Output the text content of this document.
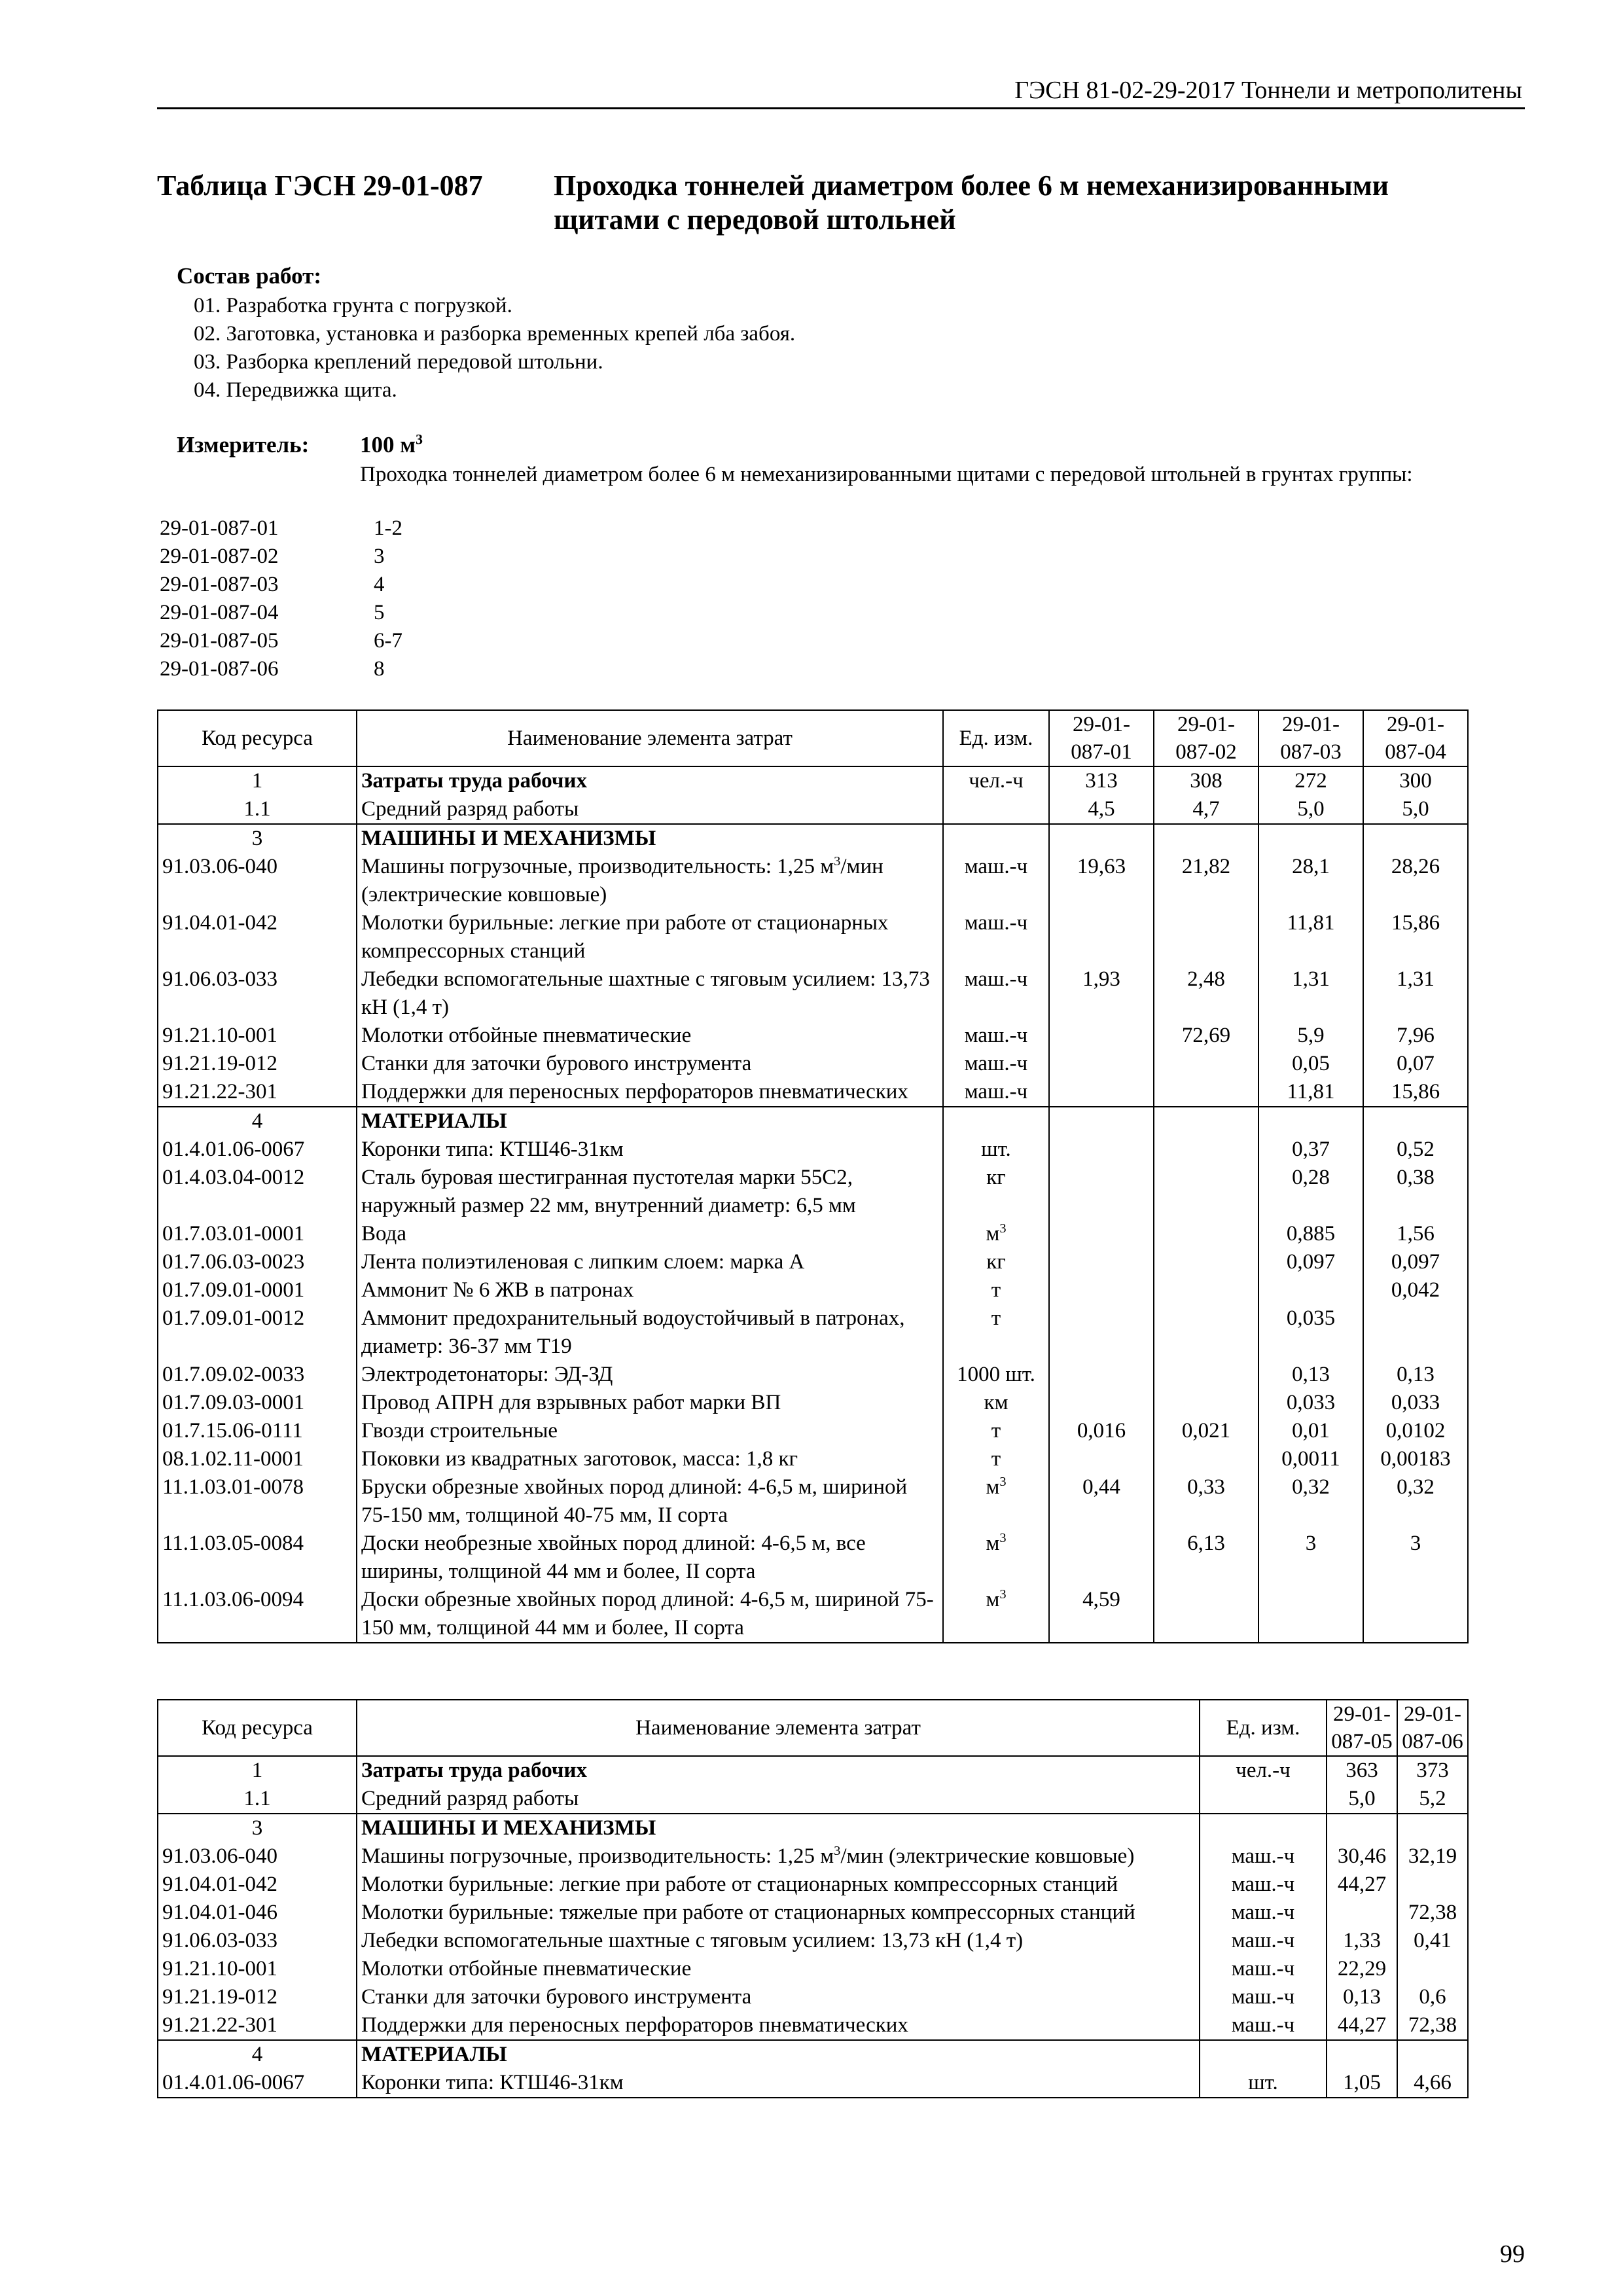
ГЭСН 81-02-29-2017 Тоннели и метрополитены
Таблица ГЭСН 29-01-087 Проходка тоннелей диаметром более 6 м немеханизированными щитами с передовой штольней
Состав работ:
01. Разработка грунта с погрузкой.
02. Заготовка, установка и разборка временных крепей лба забоя.
03. Разборка креплений передовой штольни.
04. Передвижка щита.
Измеритель: 100 $м^3$
Проходка тоннелей диаметром более 6 м немеханизированными щитами с передовой штольней в грунтах группы:
29-01-087-01	1-2
29-01-087-02	3
29-01-087-03	4
29-01-087-04	5
29-01-087-05	6-7
29-01-087-06	8
Код ресурса	Наименование элемента затрат	Ед. изм.	29-01-087-01	29-01-087-02	29-01-087-03	29-01-087-04
1	Затраты труда рабочих	чел.-ч	313	308	272	300
1.1	Средний разряд работы		4,5	4,7	5,0	5,0
3	МАШИНЫ И МЕХАНИЗМЫ					
91.03.06-040	Машины погрузочные, производительность: 1,25 $м^3$/мин (электрические ковшовые)	маш.-ч	19,63	21,82	28,1	28,26
91.04.01-042	Молотки бурильные: легкие при работе от стационарных компрессорных станций	маш.-ч			11,81	15,86
91.06.03-033	Лебедки вспомогательные шахтные с тяговым усилием: 13,73 кН (1,4 т)	маш.-ч	1,93	2,48	1,31	1,31
91.21.10-001	Молотки отбойные пневматические	маш.-ч		72,69	5,9	7,96
91.21.19-012	Станки для заточки бурового инструмента	маш.-ч			0,05	0,07
91.21.22-301	Поддержки для переносных перфораторов пневматических	маш.-ч			11,81	15,86
4	МАТЕРИАЛЫ					
01.4.01.06-0067	Коронки типа: КТШ46-31км	шт.			0,37	0,52
01.4.03.04-0012	Сталь буровая шестигранная пустотелая марки 55С2, наружный размер 22 мм, внутренний диаметр: 6,5 мм	кг			0,28	0,38
01.7.03.01-0001	Вода	$м^3$			0,885	1,56
01.7.06.03-0023	Лента полиэтиленовая с липким слоем: марка А	кг			0,097	0,097
01.7.09.01-0001	Аммонит № 6 ЖВ в патронах	т				0,042
01.7.09.01-0012	Аммонит предохранительный водоустойчивый в патронах, диаметр: 36-37 мм Т19	т			0,035	
01.7.09.02-0033	Электродетонаторы: ЭД-ЗД	1000 шт.			0,13	0,13
01.7.09.03-0001	Провод АПРН для взрывных работ марки ВП	км			0,033	0,033
01.7.15.06-0111	Гвозди строительные	т	0,016	0,021	0,01	0,0102
08.1.02.11-0001	Поковки из квадратных заготовок, масса: 1,8 кг	т			0,0011	0,00183
11.1.03.01-0078	Бруски обрезные хвойных пород длиной: 4-6,5 м, шириной 75-150 мм, толщиной 40-75 мм, II сорта	$м^3$	0,44	0,33	0,32	0,32
11.1.03.05-0084	Доски необрезные хвойных пород длиной: 4-6,5 м, все ширины, толщиной 44 мм и более, II сорта	$м^3$		6,13	3	3
11.1.03.06-0094	Доски обрезные хвойных пород длиной: 4-6,5 м, шириной 75-150 мм, толщиной 44 мм и более, II сорта	$м^3$	4,59			
Код ресурса	Наименование элемента затрат	Ед. изм.	29-01-087-05	29-01-087-06
1	Затраты труда рабочих	чел.-ч	363	373
1.1	Средний разряд работы		5,0	5,2
3	МАШИНЫ И МЕХАНИЗМЫ			
91.03.06-040	Машины погрузочные, производительность: 1,25 $м^3$/мин (электрические ковшовые)	маш.-ч	30,46	32,19
91.04.01-042	Молотки бурильные: легкие при работе от стационарных компрессорных станций	маш.-ч	44,27	
91.04.01-046	Молотки бурильные: тяжелые при работе от стационарных компрессорных станций	маш.-ч		72,38
91.06.03-033	Лебедки вспомогательные шахтные с тяговым усилием: 13,73 кН (1,4 т)	маш.-ч	1,33	0,41
91.21.10-001	Молотки отбойные пневматические	маш.-ч	22,29	
91.21.19-012	Станки для заточки бурового инструмента	маш.-ч	0,13	0,6
91.21.22-301	Поддержки для переносных перфораторов пневматических	маш.-ч	44,27	72,38
4	МАТЕРИАЛЫ			
01.4.01.06-0067	Коронки типа: КТШ46-31км	шт.	1,05	4,66
99
